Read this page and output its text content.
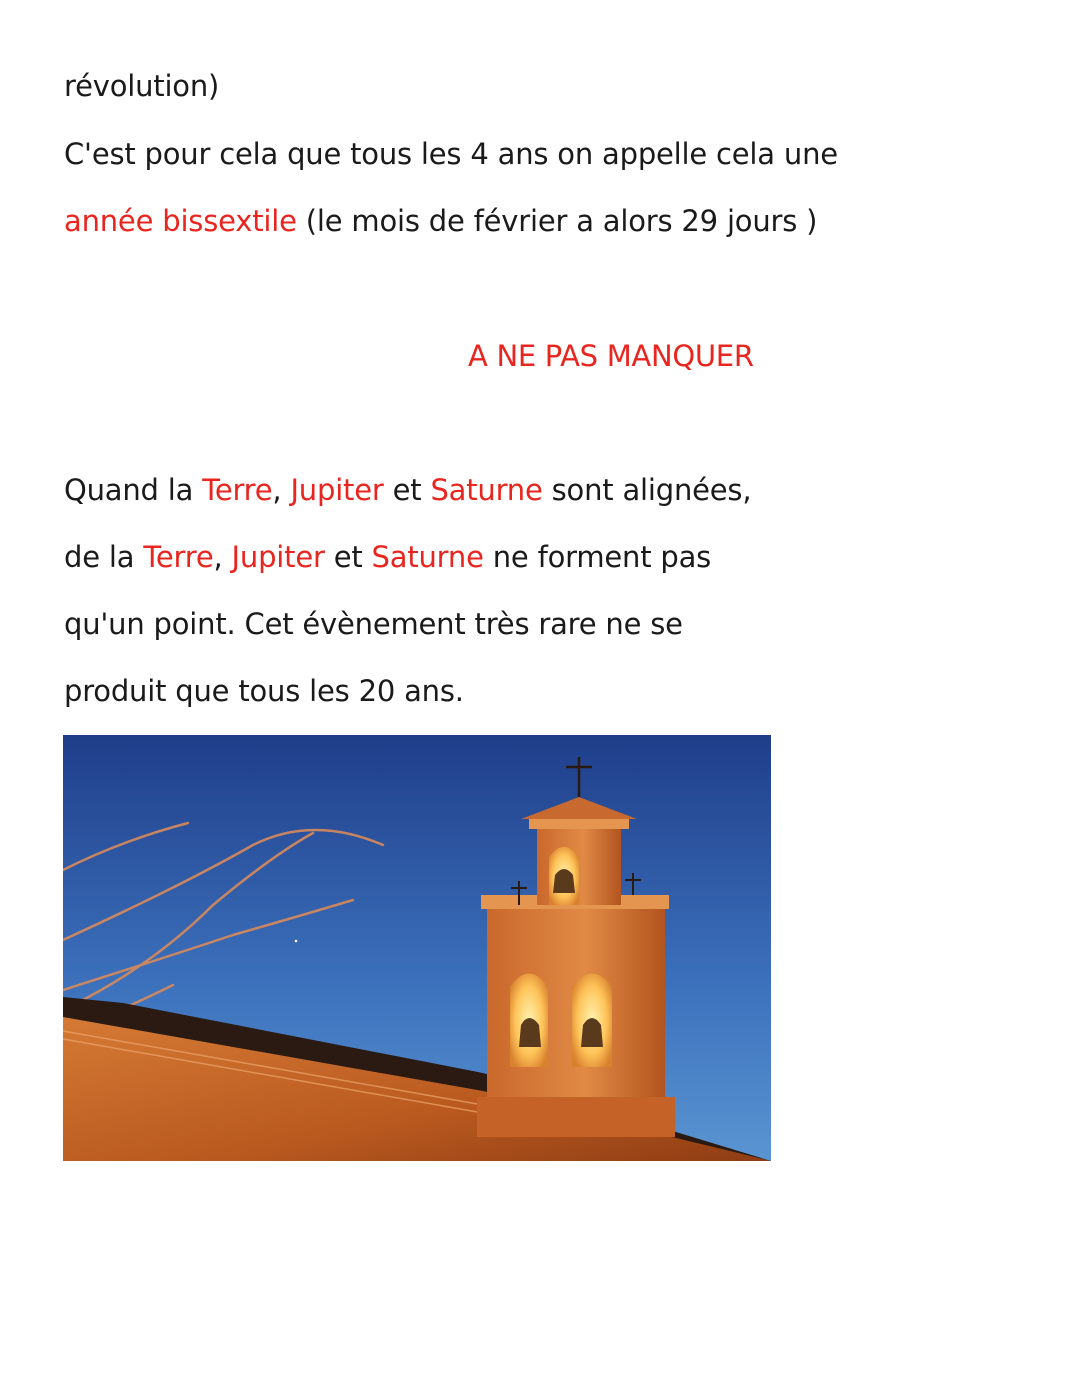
révolution)
C'est pour cela que tous les 4 ans on appelle cela une
année bissextile (le mois de février a alors 29 jours )
A NE PAS MANQUER
Quand la Terre, Jupiter et Saturne sont alignées,
de la Terre, Jupiter et Saturne ne forment pas
qu'un point. Cet évènement très rare ne se
produit que tous les 20 ans.
